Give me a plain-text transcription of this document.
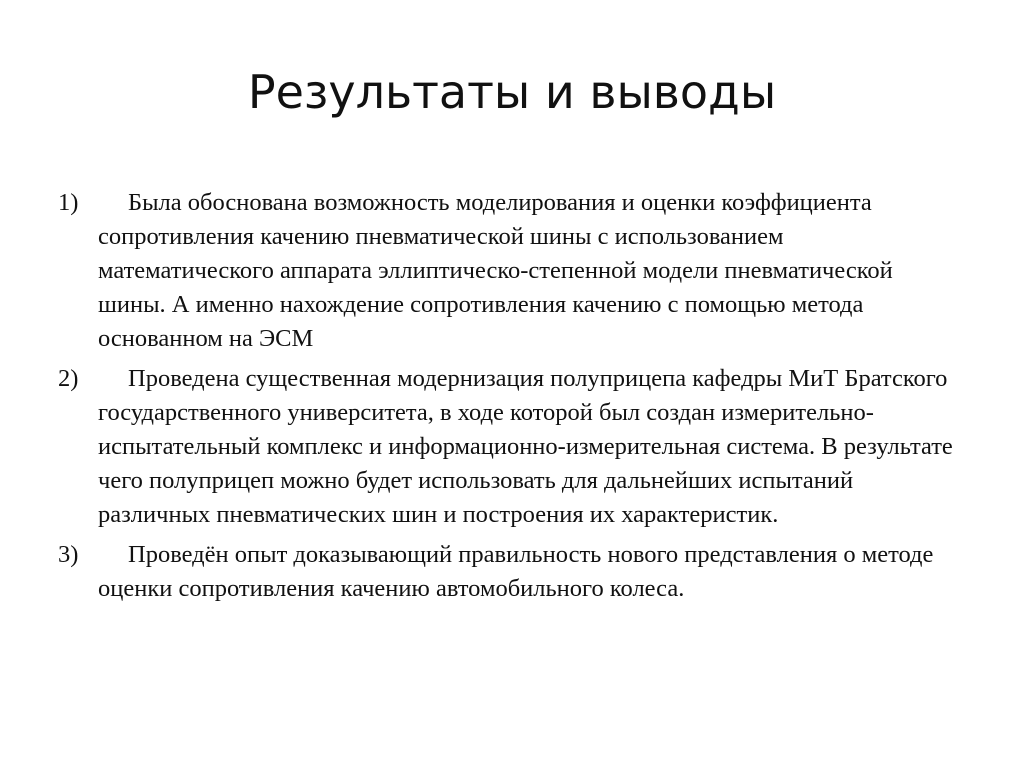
Результаты и выводы
1)	Была обоснована возможность моделирования и оценки коэффициента сопротивления качению пневматической шины с использованием математического аппарата эллиптическо-степенной модели пневматической шины. А именно нахождение сопротивления качению с помощью метода основанном на ЭСМ
2)	Проведена существенная модернизация полуприцепа кафедры МиТ Братского государственного университета, в ходе которой был создан измерительно-испытательный комплекс и информационно-измерительная система. В результате чего полуприцеп можно будет использовать для дальнейших испытаний различных пневматических шин и построения их характеристик.
3)	Проведён опыт доказывающий правильность нового представления о методе оценки сопротивления качению автомобильного колеса.
